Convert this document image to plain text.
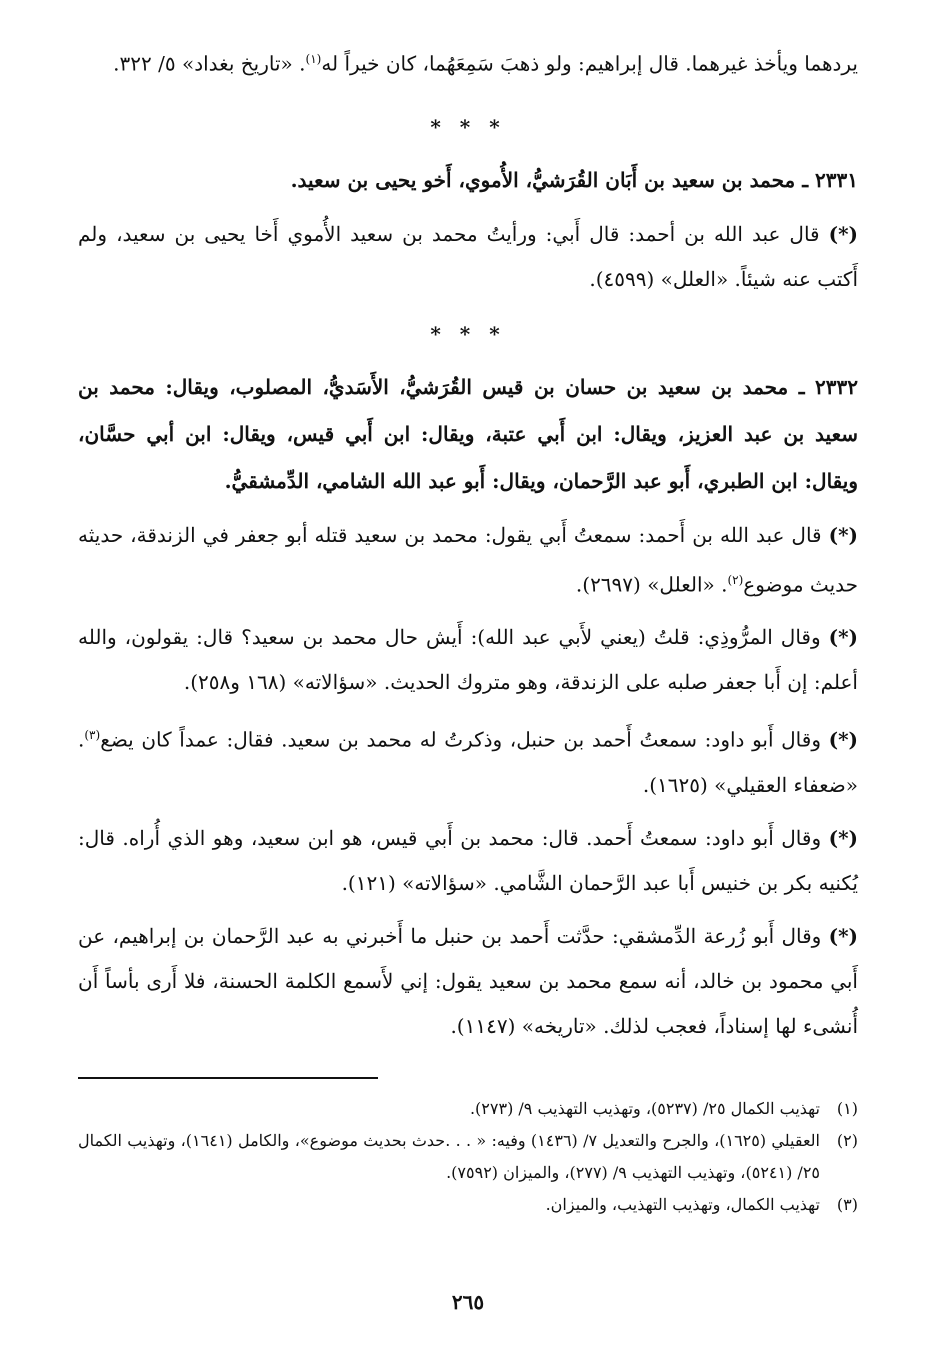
يردهما ويأخذ غيرهما. قال إبراهيم: ولو ذهبَ سَمِعَهُما، كان خيراً له$^{(١)}$. «تاريخ بغداد» ٥/ ٣٢٢.

* * *

٢٣٣١ ـ محمد بن سعيد بن أَبَان القُرَشيُّ، الأُموي، أَخو يحيى بن سعيد.

(*) قال عبد الله بن أحمد: قال أَبي: ورأيتُ محمد بن سعيد الأُموي أَخا يحيى بن سعيد، ولم أَكتب عنه شيئاً. «العلل» (٤٥٩٩).

* * *

٢٣٣٢ ـ محمد بن سعيد بن حسان بن قيس القُرَشيُّ، الأَسَديُّ، المصلوب، ويقال: محمد بن سعيد بن عبد العزيز، ويقال: ابن أَبي عتبة، ويقال: ابن أَبي قيس، ويقال: ابن أبي حسَّان، ويقال: ابن الطبري، أَبو عبد الرَّحمان، ويقال: أَبو عبد الله الشامي، الدِّمشقيُّ.

(*) قال عبد الله بن أَحمد: سمعتُ أَبي يقول: محمد بن سعيد قتله أبو جعفر في الزندقة، حديثه حديث موضوع$^{(٢)}$. «العلل» (٢٦٩٧).

(*) وقال المرُّوذِي: قلتُ (يعني لأَبي عبد الله): أَيش حال محمد بن سعيد؟ قال: يقولون، والله أعلم: إن أَبا جعفر صلبه على الزندقة، وهو متروك الحديث. «سؤالاته» (١٦٨ و٢٥٨).

(*) وقال أَبو داود: سمعتُ أَحمد بن حنبل، وذكرتُ له محمد بن سعيد. فقال: عمداً كان يضع$^{(٣)}$. «ضعفاء العقيلي» (١٦٢٥).

(*) وقال أَبو داود: سمعتُ أَحمد. قال: محمد بن أَبي قيس، هو ابن سعيد، وهو الذي أُراه. قال: يُكنيه بكر بن خنيس أَبا عبد الرَّحمان الشَّامي. «سؤالاته» (١٢١).

(*) وقال أَبو زُرعة الدِّمشقي: حدَّثت أَحمد بن حنبل ما أَخبرني به عبد الرَّحمان بن إبراهيم، عن أَبي محمود بن خالد، أنه سمع محمد بن سعيد يقول: إني لأَسمع الكلمة الحسنة، فلا أَرى بأساً أَن أُنشىء لها إسناداً، فعجب لذلك. «تاريخه» (١١٤٧).

(١)
تهذيب الكمال ٢٥/ (٥٢٣٧)، وتهذيب التهذيب ٩/ (٢٧٣).
(٢)
العقيلي (١٦٢٥)، والجرح والتعديل ٧/ (١٤٣٦) وفيه: « . . .حدث بحديث موضوع»، والكامل (١٦٤١)، وتهذيب الكمال ٢٥/ (٥٢٤١)، وتهذيب التهذيب ٩/ (٢٧٧)، والميزان (٧٥٩٢).
(٣)
تهذيب الكمال، وتهذيب التهذيب، والميزان.
٢٦٥
